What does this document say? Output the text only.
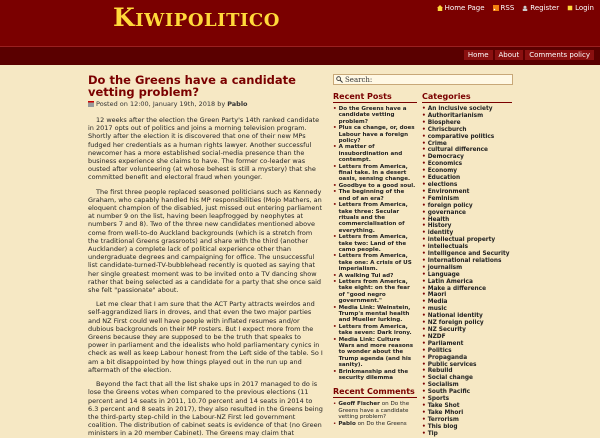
Kiwipolitico	Home Page RSS Register Login
Home	About	Comments policy
Do the Greens have a candidate vetting problem?
Posted on 12:00, January 19th, 2018 by Pablo

12 weeks after the election the Green Party's 14th ranked candidate in 2017 opts out of politics and joins a morning television program. Shortly after the election it is discovered that one of their new MPs fudged her credentials as a human rights lawyer. Another successful newcomer has a more established social-media presence than the business experience she claims to have. The former co-leader was ousted after volunteering (at whose behest is still a mystery) that she committed benefit and electoral fraud when younger.

The first three people replaced seasoned politicians such as Kennedy Graham, who capably handled his MP responsibilities (Mojo Mathers, an eloquent champion of the disabled, just missed out entering parliament at number 9 on the list, having been leapfrogged by neophytes at numbers 7 and 8). Two of the three new candidates mentioned above come from well-to-do Auckland backgrounds (which is a stretch from the traditional Greens grassroots) and share with the third (another Aucklander) a complete lack of political experience other than undergraduate degrees and campaigning for office. The unsuccessful list candidate-turned-TV-bubblehead recently is quoted as saying that her single greatest moment was to be invited onto a TV dancing show rather that being selected as a candidate for a party that she once said she felt "passionate" about.

Let me clear that I am sure that the ACT Party attracts weirdos and self-aggrandized liars in droves, and that even the two major parties and NZ First could well have people with inflated resumes and/or dubious backgrounds on their MP rosters. But I expect more from the Greens because they are supposed to be the truth that speaks to power in parliament and the idealists who hold parliamentary cynics in check as well as keep Labour honest from the Left side of the table. So I am a bit disappointed by how things played out in the run up and aftermath of the election.

Beyond the fact that all the list shake ups in 2017 managed to do is lose the Greens votes when compared to the previous elections (11 percent and 14 seats in 2011, 10.70 percent and 14 seats in 2014 to 6.3 percent and 8 seats in 2017), they also resulted in the Greens being the third-party step-child in the Labour-NZ First led government coalition. The distribution of cabinet seats is evidence of that (no Green ministers in a 20 member Cabinet). The Greens may claim that

Search:
Recent Posts
• Do the Greens have a candidate vetting problem?
• Plus ca change, or, does Labour have a foreign policy?
• A matter of insubordination and contempt.
• Letters from America, final take. In a desert oasis, sensing change.
• Goodbye to a good soul.
• The beginning of the end of an era?
• Letters from America, take three: Secular rituals and the commercialisation of everything.
• Letters from America, take two: Land of the camo people.
• Letters from America, take one: A crisis of US imperialism.
• A walking Tui ad?
• Letters from America, take eight: on the fear of "good negro government."
• Media Link: Weinstein, Trump's mental health and Mueller lurking.
• Letters from America, take seven: Dark irony.
• Media Link: Culture Wars and more reasons to wonder about the Trump agenda (and his sanity).
• Brinkmanship and the security dilemma
Recent Comments
• Geoff Fischer on Do the Greens have a candidate vetting problem?
• Pablo on Do the Greens
Categories
• An inclusive society
• Authoritarianism
• Biosphere
• Chriscburch
• comparative politics
• Crime
• cultural difference
• Democracy
• Economics
• Economy
• Education
• elections
• Environment
• Feminism
• foreign policy
• governance
• Health
• History
• identity
• intellectual property
• intellectuals
• Intelligence and Security
• International relations
• journalism
• Language
• Latin America
• Make a difference
• Maori
• Media
• music
• National identity
• NZ foreign policy
• NZ Security
• NZDF
• Parliament
• Politics
• Propaganda
• Public services
• Rebuild
• Social change
• Socialism
• South Pacific
• Sports
• Take Shot
• Take Mhori
• Terrorism
• This blog
• Tip
